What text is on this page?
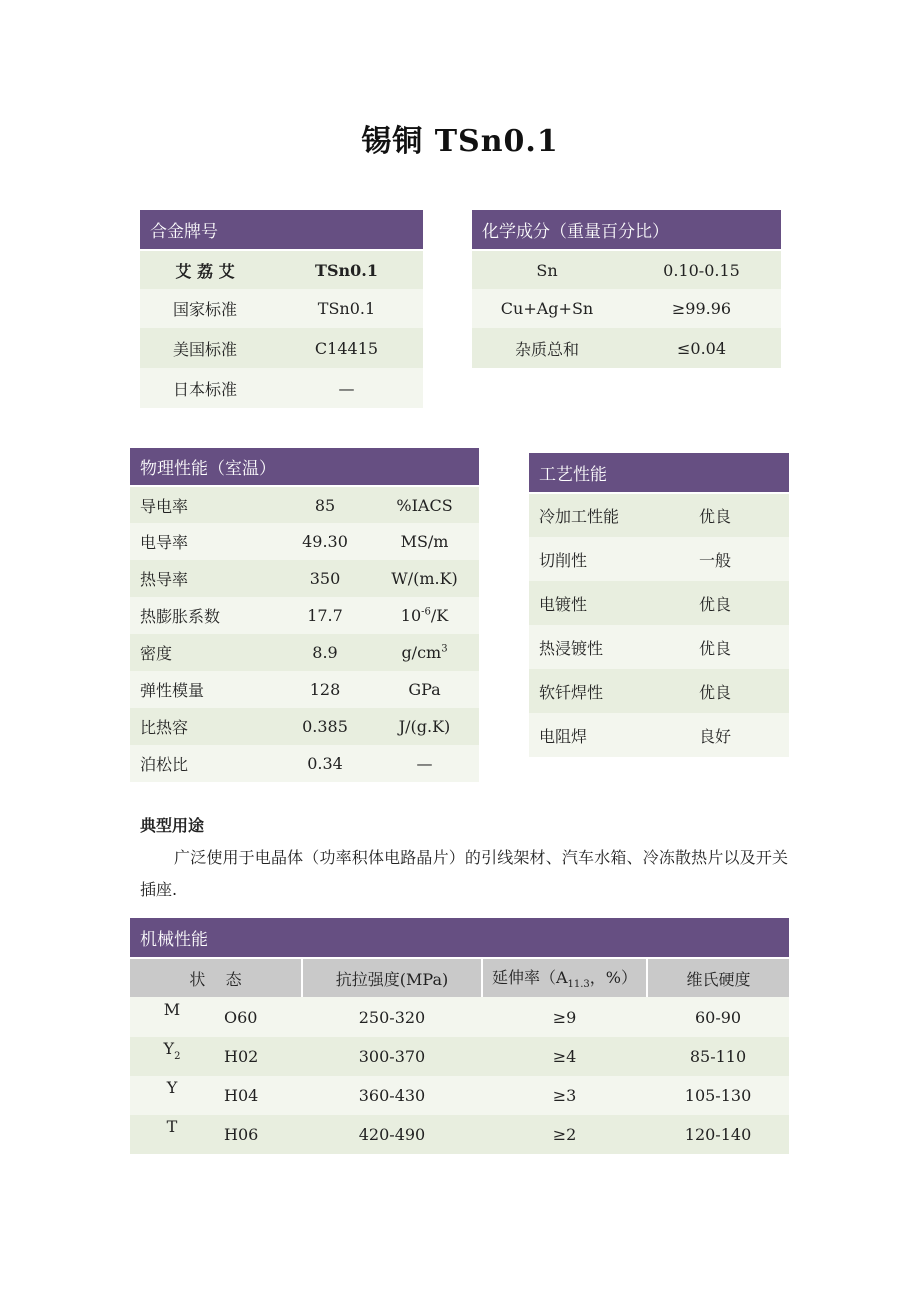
锡铜 TSn0.1
合金牌号	
艾 荔 艾	TSn0.1
国家标准	TSn0.1
美国标准	C14415
日本标准	—
化学成分（重量百分比）	
Sn	0.10-0.15
Cu+Ag+Sn	≥99.96
杂质总和	≤0.04
物理性能（室温）		
导电率	85	%IACS
电导率	49.30	MS/m
热导率	350	W/(m.K)
热膨胀系数	17.7	$10^{-6}/K$
密度	8.9	$g/cm^3$
弹性模量	128	GPa
比热容	0.385	J/(g.K)
泊松比	0.34	—
工艺性能	
冷加工性能	优良
切削性	一般
电镀性	优良
热浸镀性	优良
软钎焊性	优良
电阻焊	良好
典型用途
广泛使用于电晶体（功率积体电路晶片）的引线架材、汽车水箱、冷冻散热片以及开关插座.
机械性能				
状    态		抗拉强度(MPa)	延伸率（$A_{11.3}$，%）	维氏硬度
M	O60	250-320	≥9	60-90
$Y_2$	H02	300-370	≥4	85-110
Y	H04	360-430	≥3	105-130
T	H06	420-490	≥2	120-140
